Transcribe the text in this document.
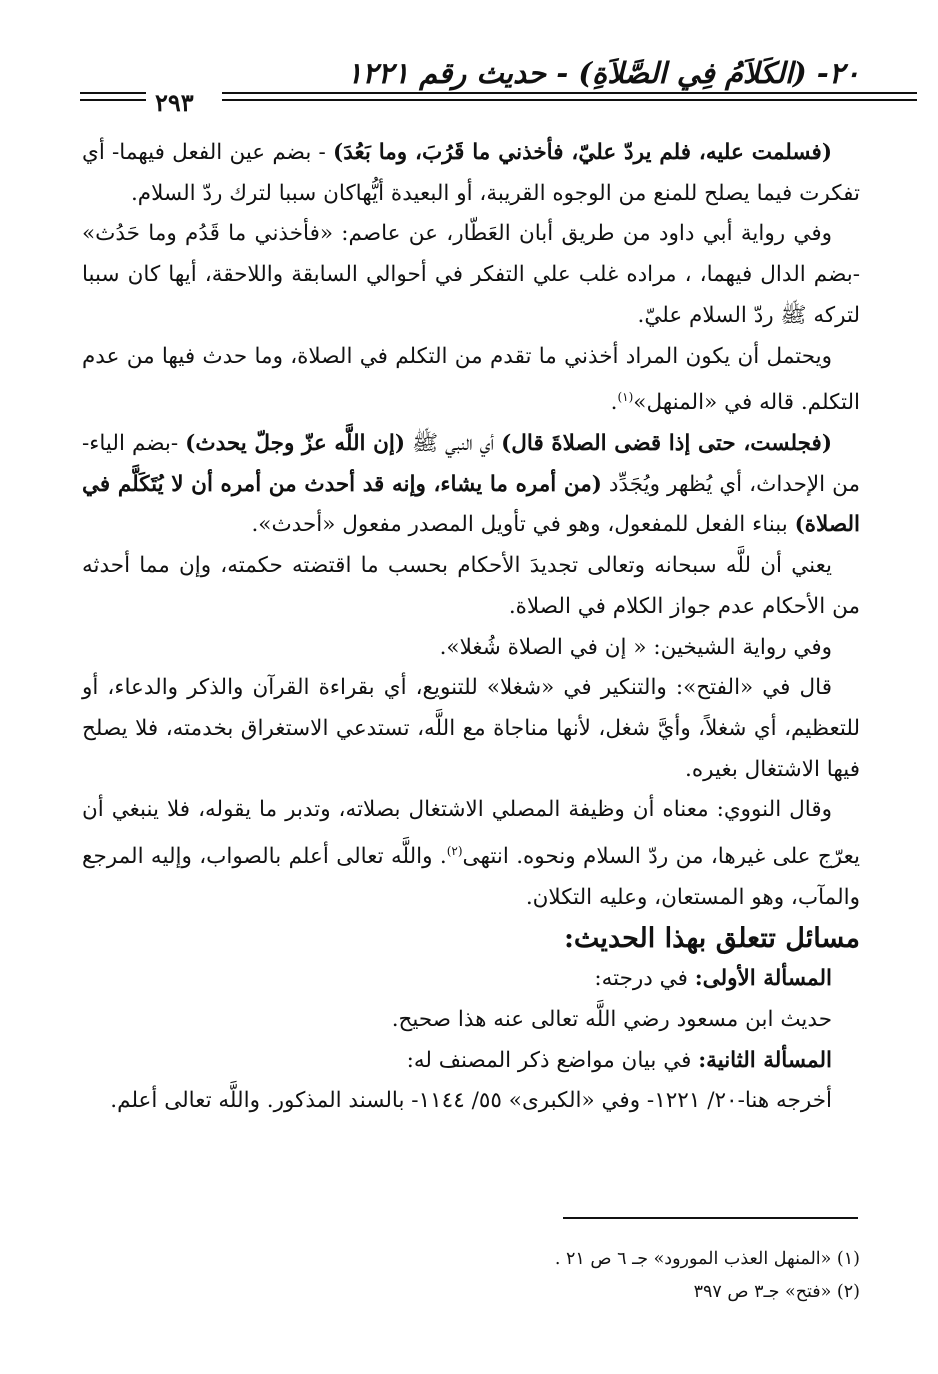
٢٠- (الكَلاَمُ فِي الصَّلاَةِ) - حديث رقم ١٢٢١
٢٩٣

(فسلمت عليه، فلم يردّ عليّ، فأخذني ما قَرُبَ، وما بَعُدَ) - بضم عين الفعل فيهما- أي تفكرت فيما يصلح للمنع من الوجوه القريبة، أو البعيدة أيُّهاكان سببا لترك ردّ السلام.

وفي رواية أبي داود من طريق أبان العَطّار، عن عاصم: «فأخذني ما قَدُم وما حَدُث» -بضم الدال فيهما، ، مراده غلب علي التفكر في أحوالي السابقة واللاحقة، أيها كان سببا لتركه ﷺ ردّ السلام عليّ.

ويحتمل أن يكون المراد أخذني ما تقدم من التكلم في الصلاة، وما حدث فيها من عدم التكلم. قاله في «المنهل»$^{(١)}$.

(فجلست، حتى إذا قضى الصلاةَ قال) أي النبي ﷺ (إن اللَّه عزّ وجلّ يحدث) -بضم الياء- من الإحداث، أي يُظهر ويُجَدِّد (من أمره ما يشاء، وإنه قد أحدث من أمره أن لا يُتَكَلَّم في الصلاة) ببناء الفعل للمفعول، وهو في تأويل المصدر مفعول «أحدث».

يعني أن للَّه سبحانه وتعالى تجديدَ الأحكام بحسب ما اقتضته حكمته، وإن مما أحدثه من الأحكام عدم جواز الكلام في الصلاة.

وفي رواية الشيخين: « إن في الصلاة شُغلا».

قال في «الفتح»: والتنكير في «شغلا» للتنويع، أي بقراءة القرآن والذكر والدعاء، أو للتعظيم، أي شغلاً، وأيَّ شغل، لأنها مناجاة مع اللَّه، تستدعي الاستغراق بخدمته، فلا يصلح فيها الاشتغال بغيره.

وقال النووي: معناه أن وظيفة المصلي الاشتغال بصلاته، وتدبر ما يقوله، فلا ينبغي أن يعرّج على غيرها، من ردّ السلام ونحوه. انتهى$^{(٢)}$. واللَّه تعالى أعلم بالصواب، وإليه المرجع والمآب، وهو المستعان، وعليه التكلان.

مسائل تتعلق بهذا الحديث:

المسألة الأولى: في درجته:

حديث ابن مسعود رضي اللَّه تعالى عنه هذا صحيح.

المسألة الثانية: في بيان مواضع ذكر المصنف له:

أخرجه هنا-٢٠/ ١٢٢١- وفي «الكبرى» ٥٥/ ١١٤٤- بالسند المذكور. واللَّه تعالى أعلم.

(١) «المنهل العذب المورود» جـ ٦ ص ٢١ .

(٢) «فتح» جـ٣ ص ٣٩٧
